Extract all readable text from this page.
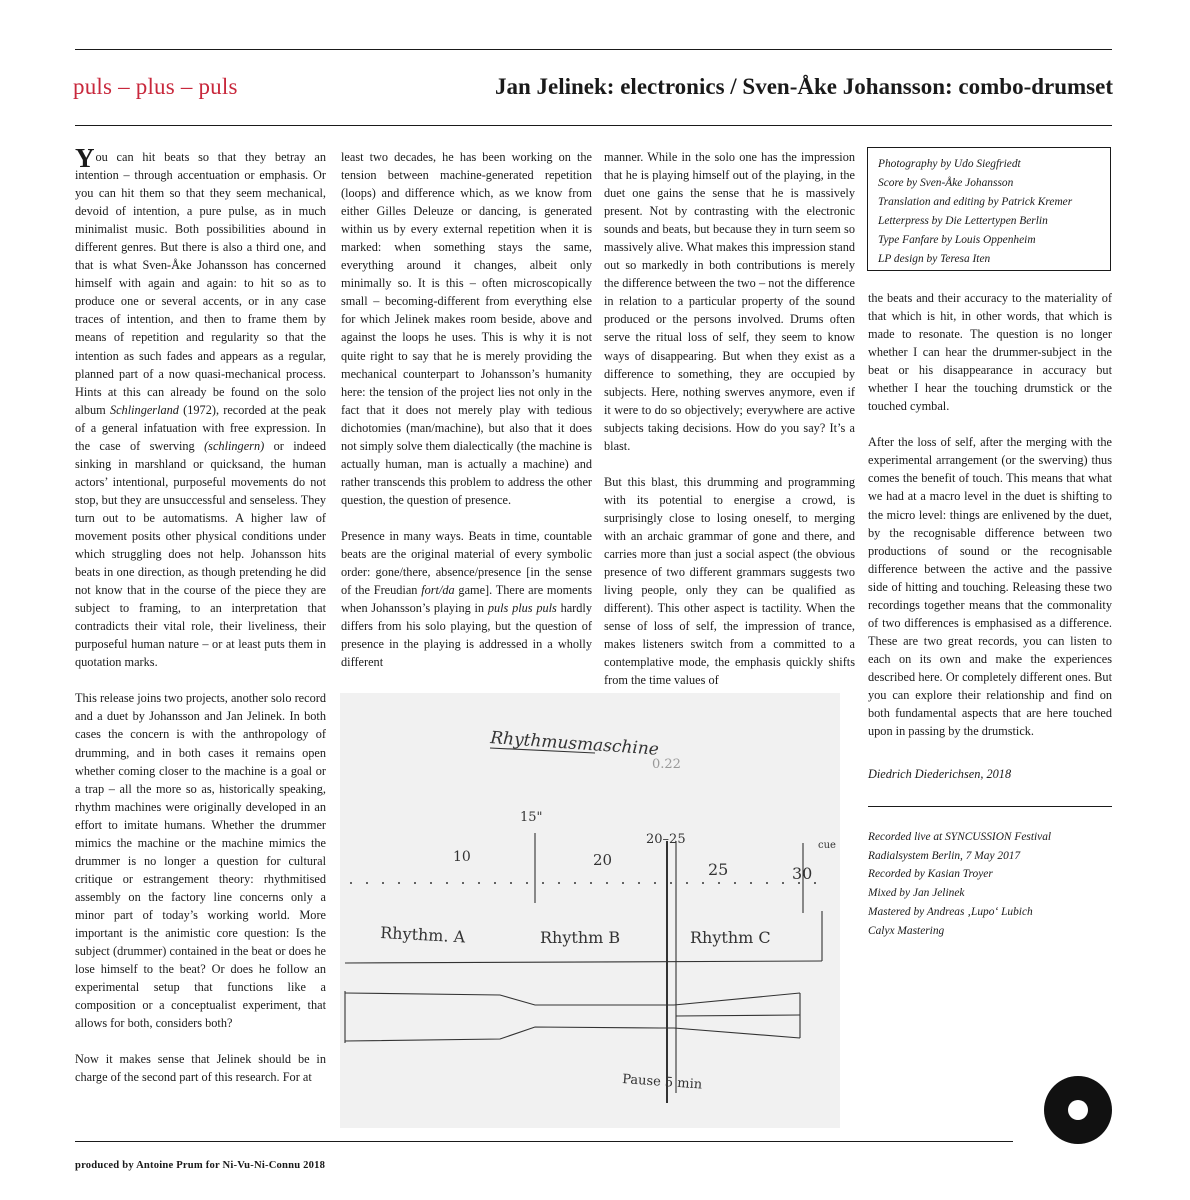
puls – plus – puls	Jan Jelinek: electronics / Sven-Åke Johansson: combo-drumset

You can hit beats so that they betray an intention – through accentuation or emphasis. Or you can hit them so that they seem mechanical, devoid of intention, a pure pulse, as in much minimalist music. Both possibilities abound in different genres. But there is also a third one, and that is what Sven-Åke Johansson has concerned himself with again and again: to hit so as to produce one or several accents, or in any case traces of intention, and then to frame them by means of repetition and regularity so that the intention as such fades and appears as a regular, planned part of a now quasi-mechanical process. Hints at this can already be found on the solo album Schlingerland (1972), recorded at the peak of a general infatuation with free expression. In the case of swerving (schlingern) or indeed sinking in marshland or quicksand, the human actors’ intentional, purposeful movements do not stop, but they are unsuccessful and senseless. They turn out to be automatisms. A higher law of movement posits other physical conditions under which struggling does not help. Johansson hits beats in one direction, as though pretending he did not know that in the course of the piece they are subject to framing, to an interpretation that contradicts their vital role, their liveliness, their purposeful human nature – or at least puts them in quotation marks.

This release joins two projects, another solo record and a duet by Johansson and Jan Jelinek. In both cases the concern is with the anthropology of drumming, and in both cases it remains open whether coming closer to the machine is a goal or a trap – all the more so as, historically speaking, rhythm machines were originally developed in an effort to imitate humans. Whether the drummer mimics the machine or the machine mimics the drummer is no longer a question for cultural critique or estrangement theory: rhythmitised assembly on the factory line concerns only a minor part of today’s working world. More important is the animistic core question: Is the subject (drummer) contained in the beat or does he lose himself to the beat? Or does he follow an experimental setup that functions like a composition or a conceptualist experiment, that allows for both, considers both?

Now it makes sense that Jelinek should be in charge of the second part of this research. For at

least two decades, he has been working on the tension between machine-generated repetition (loops) and difference which, as we know from either Gilles Deleuze or dancing, is generated within us by every external repetition when it is marked: when something stays the same, everything around it changes, albeit only minimally so. It is this – often microscopically small – becoming-different from everything else for which Jelinek makes room beside, above and against the loops he uses. This is why it is not quite right to say that he is merely providing the mechanical counterpart to Johansson’s humanity here: the tension of the project lies not only in the fact that it does not merely play with tedious dichotomies (man/machine), but also that it does not simply solve them dialectically (the machine is actually human, man is actually a machine) and rather transcends this problem to address the other question, the question of presence.

Presence in many ways. Beats in time, countable beats are the original material of every symbolic order: gone/there, absence/presence [in the sense of the Freudian fort/da game]. There are moments when Johansson’s playing in puls plus puls hardly differs from his solo playing, but the question of presence in the playing is addressed in a wholly different

manner. While in the solo one has the impression that he is playing himself out of the playing, in the duet one gains the sense that he is massively present. Not by contrasting with the electronic sounds and beats, but because they in turn seem so massively alive. What makes this impression stand out so markedly in both contributions is merely the difference between the two – not the difference in relation to a particular property of the sound produced or the persons involved. Drums often serve the ritual loss of self, they seem to know ways of disappearing. But when they exist as a difference to something, they are occupied by subjects. Here, nothing swerves anymore, even if it were to do so objectively; everywhere are active subjects taking decisions. How do you say? It’s a blast.

But this blast, this drumming and programming with its potential to energise a crowd, is surprisingly close to losing oneself, to merging with an archaic grammar of gone and there, and carries more than just a social aspect (the obvious presence of two different grammars suggests two living people, only they can be qualified as different). This other aspect is tactility. When the sense of loss of self, the impression of trance, makes listeners switch from a committed to a contemplative mode, the emphasis quickly shifts from the time values of

Photography by Udo Siegfriedt
Score by Sven-Åke Johansson
Translation and editing by Patrick Kremer
Letterpress by Die Lettertypen Berlin
Type Fanfare by Louis Oppenheim
LP design by Teresa Iten

the beats and their accuracy to the materiality of that which is hit, in other words, that which is made to resonate. The question is no longer whether I can hear the drummer-subject in the beat or his disappearance in accuracy but whether I hear the touching drumstick or the touched cymbal.

After the loss of self, after the merging with the experimental arrangement (or the swerving) thus comes the benefit of touch. This means that what we had at a macro level in the duet is shifting to the micro level: things are enlivened by the duet, by the recognisable difference between two productions of sound or the recognisable difference between the active and the passive side of hitting and touching. Releasing these two recordings together means that the commonality of two differences is emphasised as a difference. These are two great records, you can listen to each on its own and make the experiences described here. Or completely different ones. But you can explore their relationship and find on both fundamental aspects that are here touched upon in passing by the drumstick.

Diedrich Diederichsen, 2018
Recorded live at SYNCUSSION Festival
Radialsystem Berlin, 7 May 2017
Recorded by Kasian Troyer
Mixed by Jan Jelinek
Mastered by Andreas ‚Lupo‘ Lubich
Calyx Mastering
Rhythmusmaschine
0.22
15"
10	20
20–25
25	30
cue
Rhythm. A	Rhythm B	Rhythm C
Pause 5 min
produced by Antoine Prum for Ni-Vu-Ni-Connu 2018
